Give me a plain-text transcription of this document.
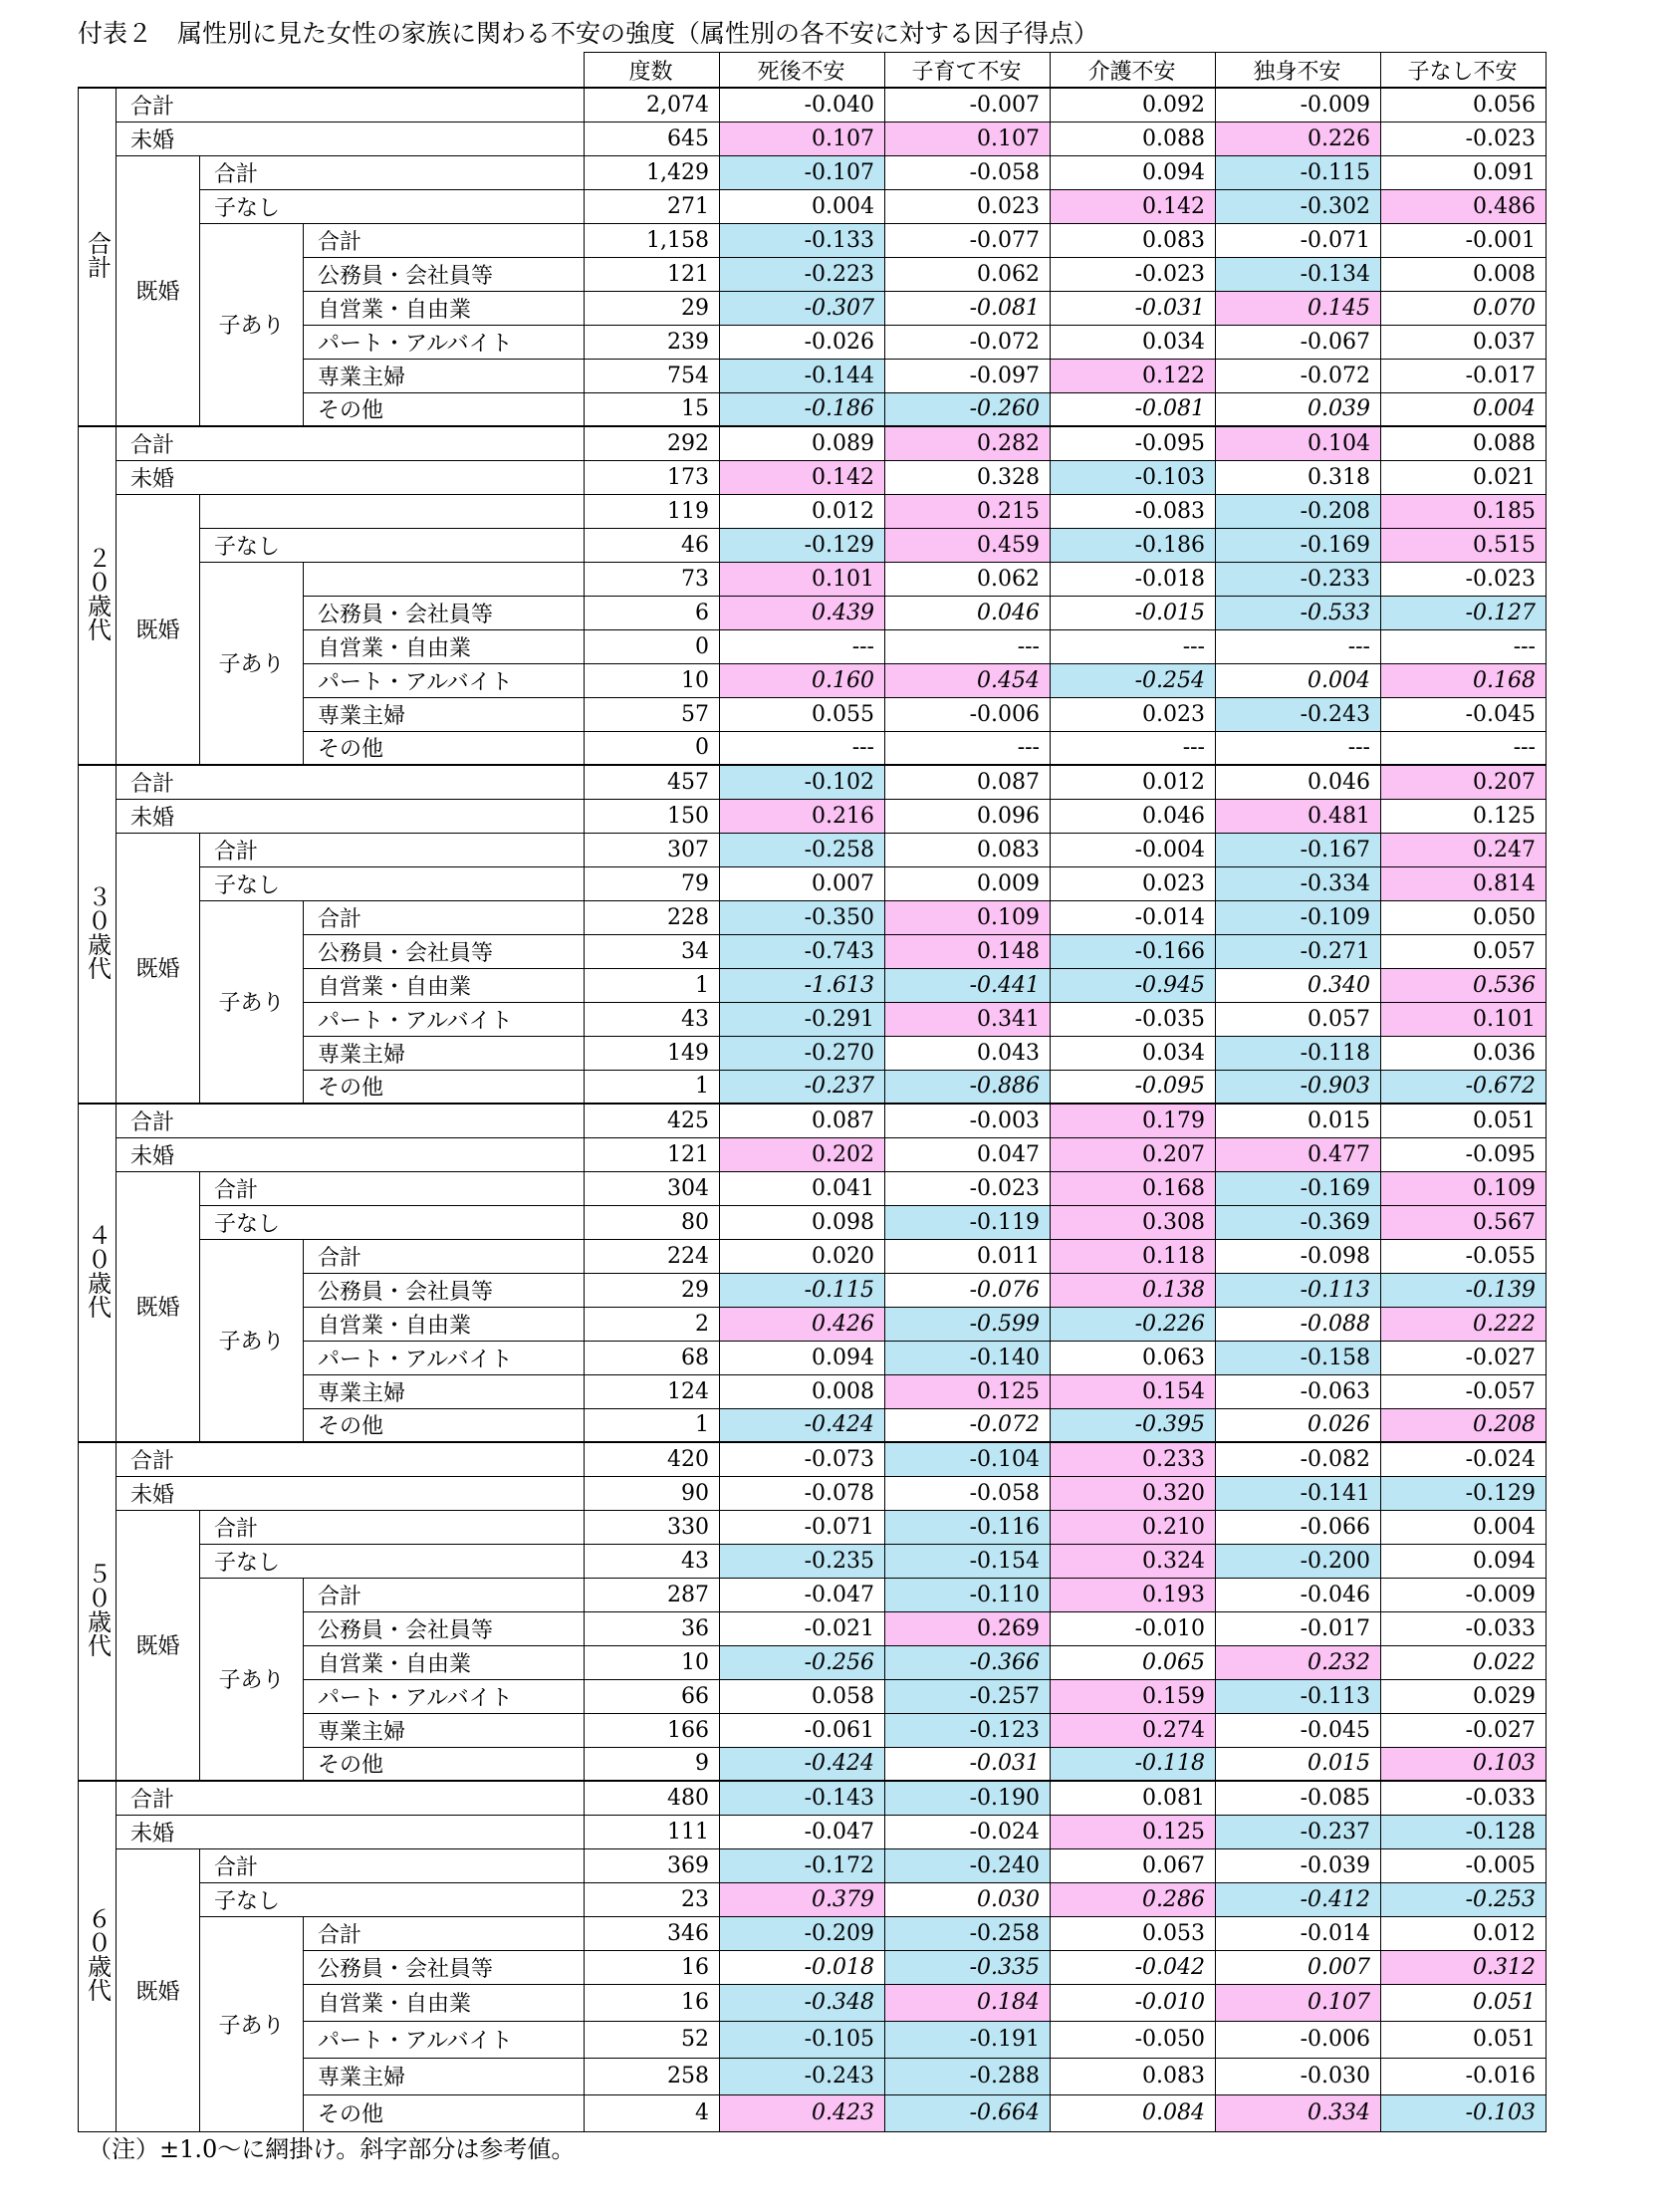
付表２　属性別に見た女性の家族に関わる不安の強度（属性別の各不安に対する因子得点）
				度数	死後不安	子育て不安	介護不安	独身不安	子なし不安
合計	合計			2,074	-0.040	-0.007	0.092	-0.009	0.056
	未婚			645	0.107	0.107	0.088	0.226	-0.023
	既婚	合計		1,429	-0.107	-0.058	0.094	-0.115	0.091
		子なし		271	0.004	0.023	0.142	-0.302	0.486
		子あり	合計	1,158	-0.133	-0.077	0.083	-0.071	-0.001
			公務員・会社員等	121	-0.223	0.062	-0.023	-0.134	0.008
			自営業・自由業	29	-0.307	-0.081	-0.031	0.145	0.070
			パート・アルバイト	239	-0.026	-0.072	0.034	-0.067	0.037
			専業主婦	754	-0.144	-0.097	0.122	-0.072	-0.017
			その他	15	-0.186	-0.260	-0.081	0.039	0.004
２０歳代	合計			292	0.089	0.282	-0.095	0.104	0.088
	未婚			173	0.142	0.328	-0.103	0.318	0.021
	既婚			119	0.012	0.215	-0.083	-0.208	0.185
		子なし		46	-0.129	0.459	-0.186	-0.169	0.515
		子あり		73	0.101	0.062	-0.018	-0.233	-0.023
			公務員・会社員等	6	0.439	0.046	-0.015	-0.533	-0.127
			自営業・自由業	0	---	---	---	---	---
			パート・アルバイト	10	0.160	0.454	-0.254	0.004	0.168
			専業主婦	57	0.055	-0.006	0.023	-0.243	-0.045
			その他	0	---	---	---	---	---
３０歳代	合計			457	-0.102	0.087	0.012	0.046	0.207
	未婚			150	0.216	0.096	0.046	0.481	0.125
	既婚	合計		307	-0.258	0.083	-0.004	-0.167	0.247
		子なし		79	0.007	0.009	0.023	-0.334	0.814
		子あり	合計	228	-0.350	0.109	-0.014	-0.109	0.050
			公務員・会社員等	34	-0.743	0.148	-0.166	-0.271	0.057
			自営業・自由業	1	-1.613	-0.441	-0.945	0.340	0.536
			パート・アルバイト	43	-0.291	0.341	-0.035	0.057	0.101
			専業主婦	149	-0.270	0.043	0.034	-0.118	0.036
			その他	1	-0.237	-0.886	-0.095	-0.903	-0.672
４０歳代	合計			425	0.087	-0.003	0.179	0.015	0.051
	未婚			121	0.202	0.047	0.207	0.477	-0.095
	既婚	合計		304	0.041	-0.023	0.168	-0.169	0.109
		子なし		80	0.098	-0.119	0.308	-0.369	0.567
		子あり	合計	224	0.020	0.011	0.118	-0.098	-0.055
			公務員・会社員等	29	-0.115	-0.076	0.138	-0.113	-0.139
			自営業・自由業	2	0.426	-0.599	-0.226	-0.088	0.222
			パート・アルバイト	68	0.094	-0.140	0.063	-0.158	-0.027
			専業主婦	124	0.008	0.125	0.154	-0.063	-0.057
			その他	1	-0.424	-0.072	-0.395	0.026	0.208
５０歳代	合計			420	-0.073	-0.104	0.233	-0.082	-0.024
	未婚			90	-0.078	-0.058	0.320	-0.141	-0.129
	既婚	合計		330	-0.071	-0.116	0.210	-0.066	0.004
		子なし		43	-0.235	-0.154	0.324	-0.200	0.094
		子あり	合計	287	-0.047	-0.110	0.193	-0.046	-0.009
			公務員・会社員等	36	-0.021	0.269	-0.010	-0.017	-0.033
			自営業・自由業	10	-0.256	-0.366	0.065	0.232	0.022
			パート・アルバイト	66	0.058	-0.257	0.159	-0.113	0.029
			専業主婦	166	-0.061	-0.123	0.274	-0.045	-0.027
			その他	9	-0.424	-0.031	-0.118	0.015	0.103
６０歳代	合計			480	-0.143	-0.190	0.081	-0.085	-0.033
	未婚			111	-0.047	-0.024	0.125	-0.237	-0.128
	既婚	合計		369	-0.172	-0.240	0.067	-0.039	-0.005
		子なし		23	0.379	0.030	0.286	-0.412	-0.253
		子あり	合計	346	-0.209	-0.258	0.053	-0.014	0.012
			公務員・会社員等	16	-0.018	-0.335	-0.042	0.007	0.312
			自営業・自由業	16	-0.348	0.184	-0.010	0.107	0.051
			パート・アルバイト	52	-0.105	-0.191	-0.050	-0.006	0.051
			専業主婦	258	-0.243	-0.288	0.083	-0.030	-0.016
			その他	4	0.423	-0.664	0.084	0.334	-0.103
（注）±1.0～に網掛け。斜字部分は参考値。
